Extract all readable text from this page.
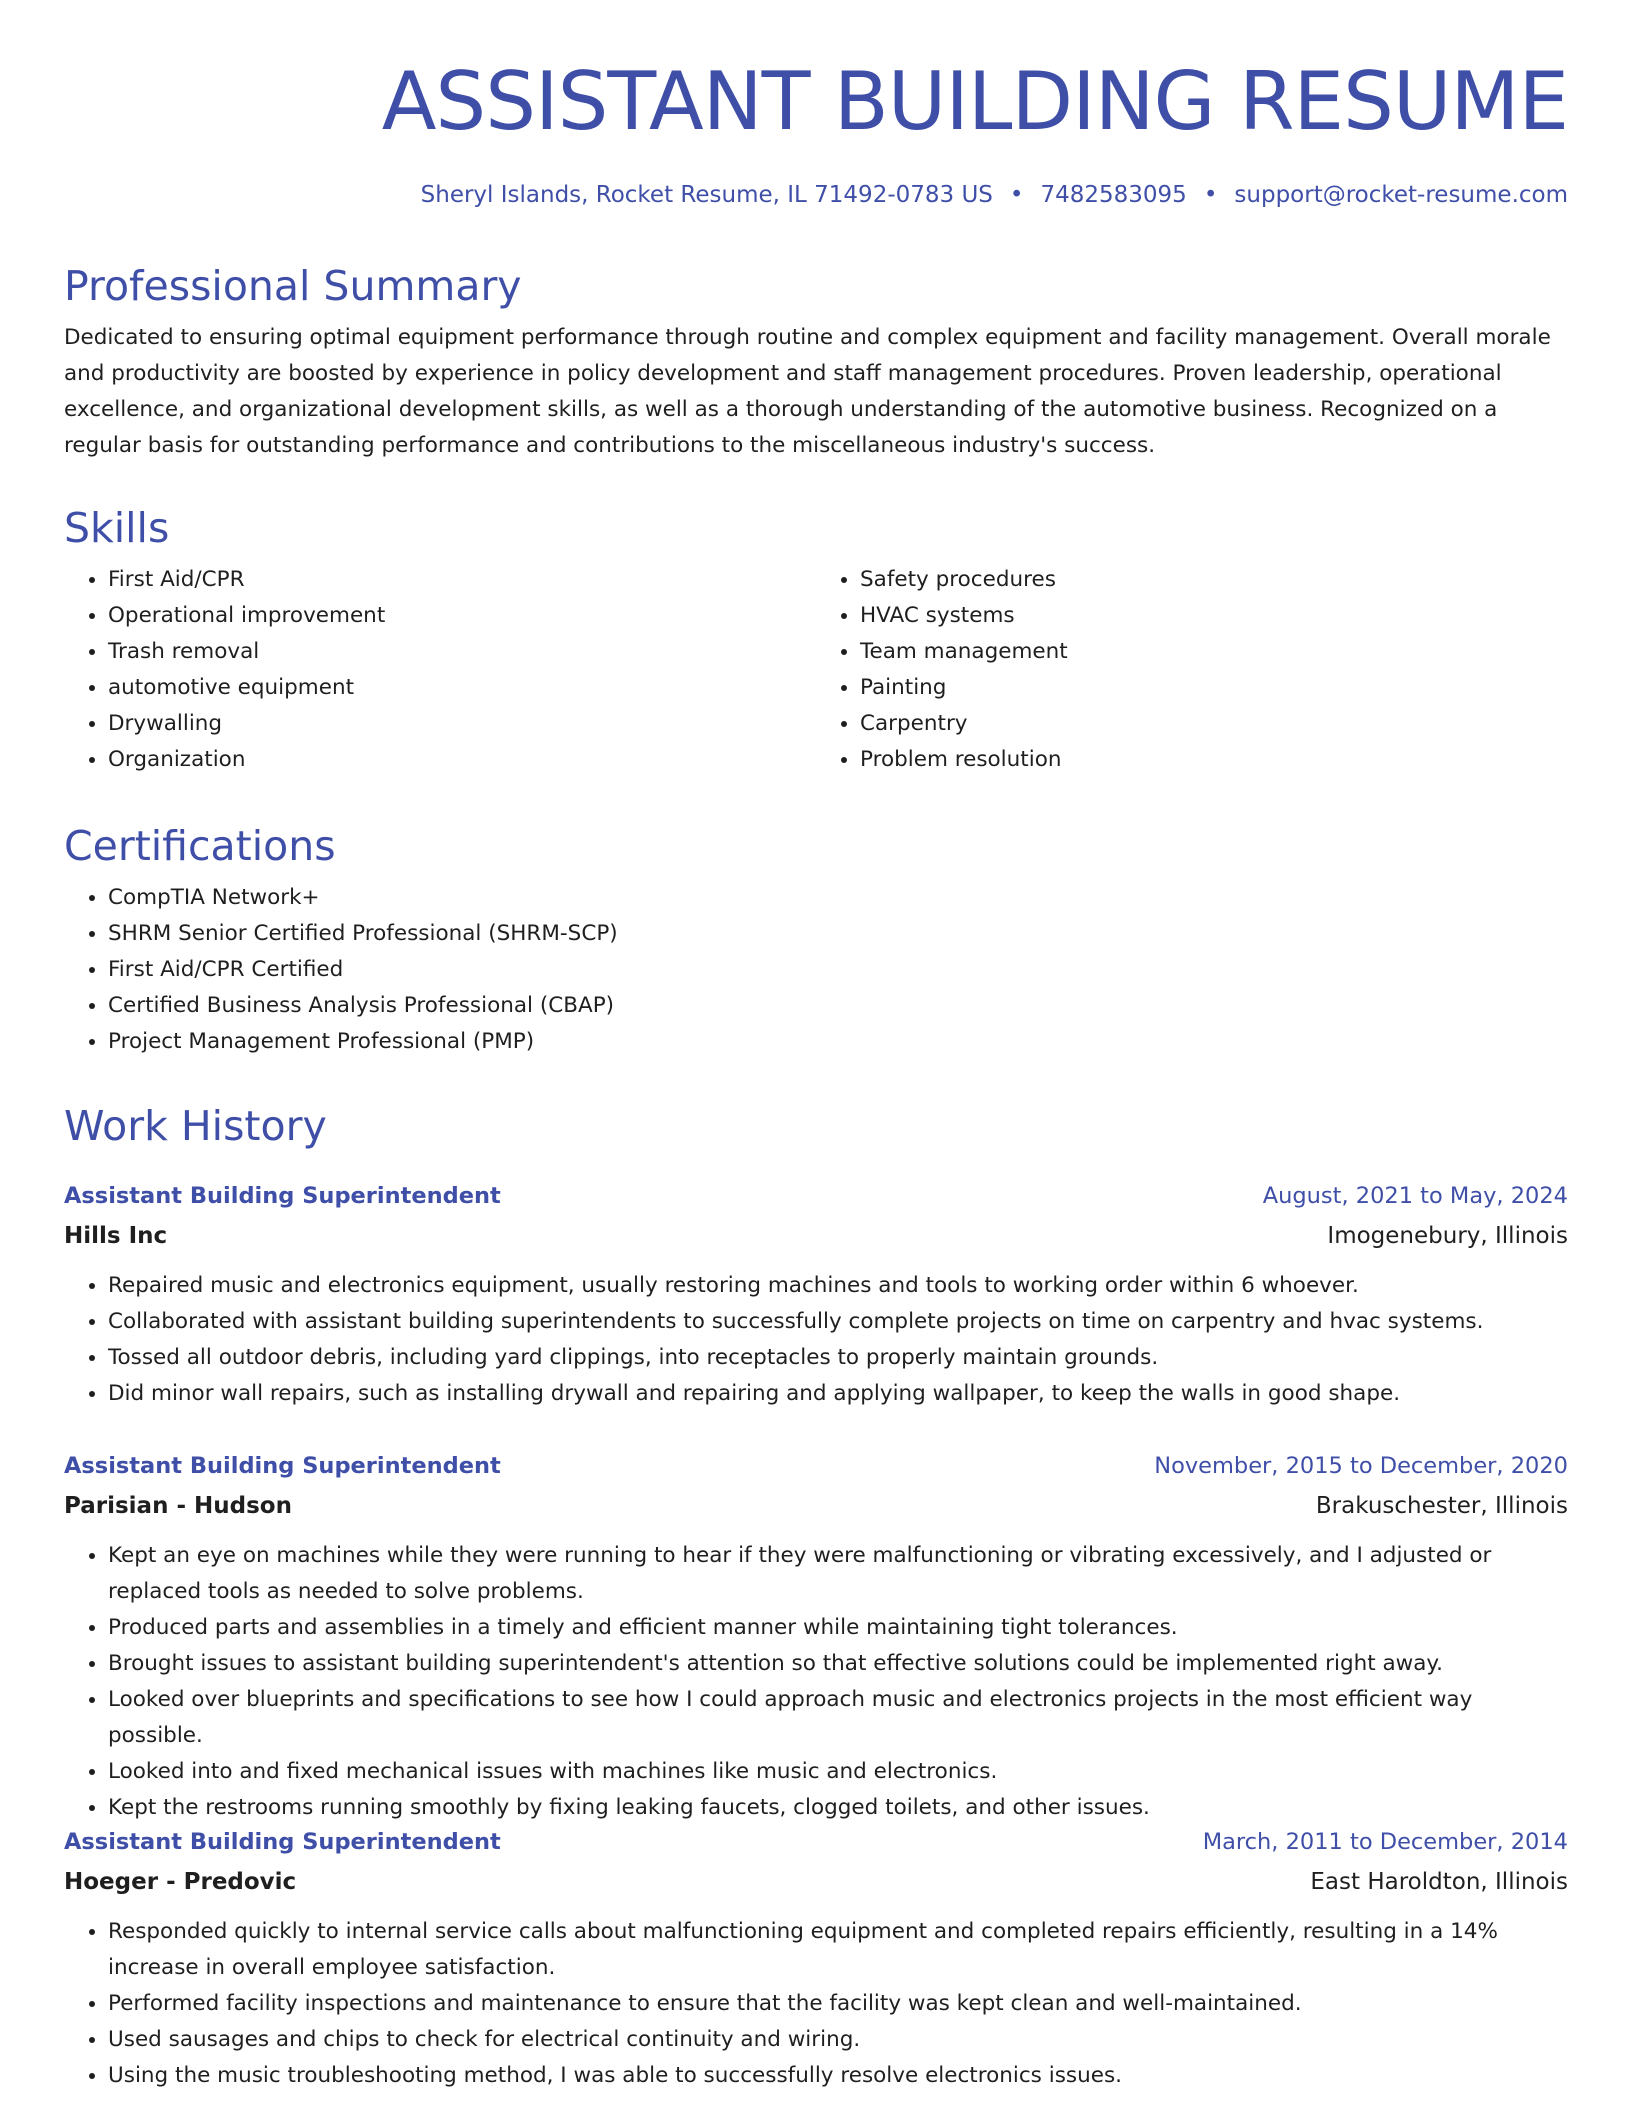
ASSISTANT BUILDING RESUME
Sheryl Islands, Rocket Resume, IL 71492-0783 US • 7482583095 • support@rocket-resume.com
Professional Summary

Dedicated to ensuring optimal equipment performance through routine and complex equipment and facility management. Overall morale and productivity are boosted by experience in policy development and staff management procedures. Proven leadership, operational excellence, and organizational development skills, as well as a thorough understanding of the automotive business. Recognized on a regular basis for outstanding performance and contributions to the miscellaneous industry's success.

Skills
• First Aid/CPR
• Operational improvement
• Trash removal
• automotive equipment
• Drywalling
• Organization
• Safety procedures
• HVAC systems
• Team management
• Painting
• Carpentry
• Problem resolution
Certifications
• CompTIA Network+
• SHRM Senior Certified Professional (SHRM-SCP)
• First Aid/CPR Certified
• Certified Business Analysis Professional (CBAP)
• Project Management Professional (PMP)
Work History
Assistant Building Superintendent	August, 2021 to May, 2024
Hills Inc	Imogenebury, Illinois
• Repaired music and electronics equipment, usually restoring machines and tools to working order within 6 whoever.
• Collaborated with assistant building superintendents to successfully complete projects on time on carpentry and hvac systems.
• Tossed all outdoor debris, including yard clippings, into receptacles to properly maintain grounds.
• Did minor wall repairs, such as installing drywall and repairing and applying wallpaper, to keep the walls in good shape.
Assistant Building Superintendent	November, 2015 to December, 2020
Parisian - Hudson	Brakuschester, Illinois
• Kept an eye on machines while they were running to hear if they were malfunctioning or vibrating excessively, and I adjusted or replaced tools as needed to solve problems.
• Produced parts and assemblies in a timely and efficient manner while maintaining tight tolerances.
• Brought issues to assistant building superintendent's attention so that effective solutions could be implemented right away.
• Looked over blueprints and specifications to see how I could approach music and electronics projects in the most efficient way possible.
• Looked into and fixed mechanical issues with machines like music and electronics.
• Kept the restrooms running smoothly by fixing leaking faucets, clogged toilets, and other issues.
Assistant Building Superintendent	March, 2011 to December, 2014
Hoeger - Predovic	East Haroldton, Illinois
• Responded quickly to internal service calls about malfunctioning equipment and completed repairs efficiently, resulting in a 14% increase in overall employee satisfaction.
• Performed facility inspections and maintenance to ensure that the facility was kept clean and well-maintained.
• Used sausages and chips to check for electrical continuity and wiring.
• Using the music troubleshooting method, I was able to successfully resolve electronics issues.
